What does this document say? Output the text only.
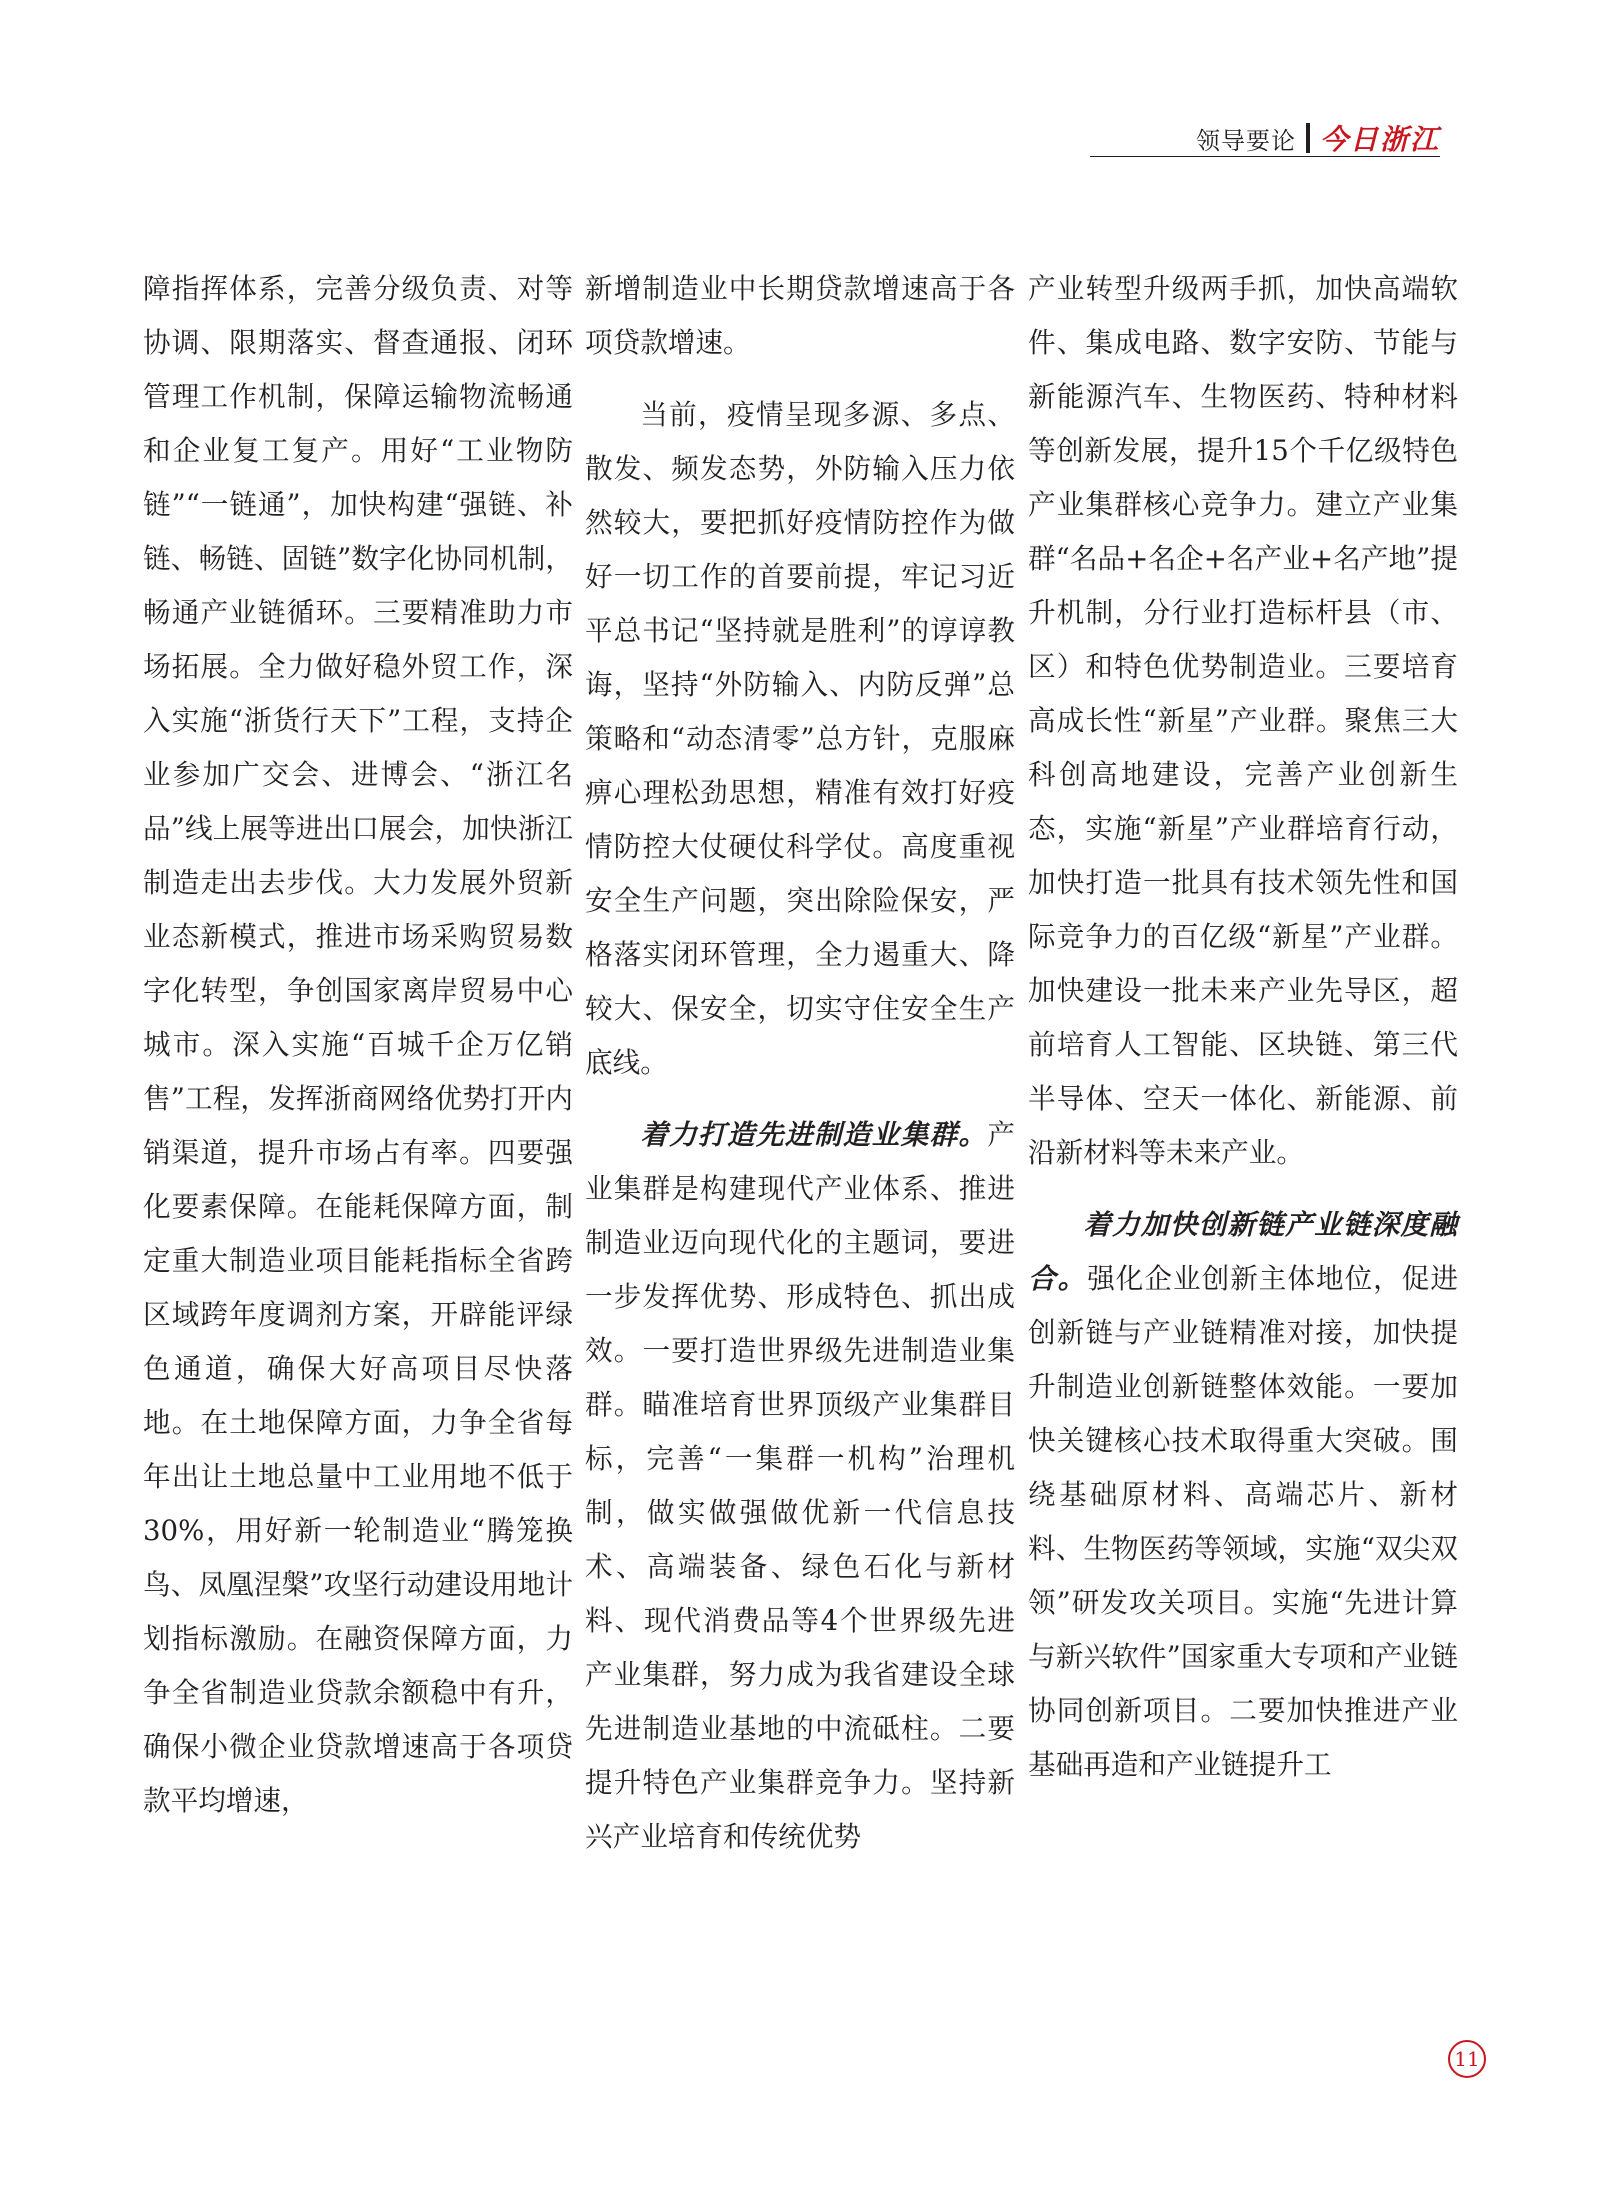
领导要论 今日浙江

障指挥体系，完善分级负责、对等协调、限期落实、督查通报、闭环管理工作机制，保障运输物流畅通和企业复工复产。用好“工业物防链”“一链通”，加快构建“强链、补链、畅链、固链”数字化协同机制，畅通产业链循环。三要精准助力市场拓展。全力做好稳外贸工作，深入实施“浙货行天下”工程，支持企业参加广交会、进博会、“浙江名品”线上展等进出口展会，加快浙江制造走出去步伐。大力发展外贸新业态新模式，推进市场采购贸易数字化转型，争创国家离岸贸易中心城市。深入实施“百城千企万亿销售”工程，发挥浙商网络优势打开内销渠道，提升市场占有率。四要强化要素保障。在能耗保障方面，制定重大制造业项目能耗指标全省跨区域跨年度调剂方案，开辟能评绿色通道，确保大好高项目尽快落地。在土地保障方面，力争全省每年出让土地总量中工业用地不低于30%，用好新一轮制造业“腾笼换鸟、凤凰涅槃”攻坚行动建设用地计划指标激励。在融资保障方面，力争全省制造业贷款余额稳中有升，确保小微企业贷款增速高于各项贷款平均增速，

新增制造业中长期贷款增速高于各项贷款增速。

当前，疫情呈现多源、多点、散发、频发态势，外防输入压力依然较大，要把抓好疫情防控作为做好一切工作的首要前提，牢记习近平总书记“坚持就是胜利”的谆谆教诲，坚持“外防输入、内防反弹”总策略和“动态清零”总方针，克服麻痹心理松劲思想，精准有效打好疫情防控大仗硬仗科学仗。高度重视安全生产问题，突出除险保安，严格落实闭环管理，全力遏重大、降较大、保安全，切实守住安全生产底线。

着力打造先进制造业集群。产业集群是构建现代产业体系、推进制造业迈向现代化的主题词，要进一步发挥优势、形成特色、抓出成效。一要打造世界级先进制造业集群。瞄准培育世界顶级产业集群目标，完善“一集群一机构”治理机制，做实做强做优新一代信息技术、高端装备、绿色石化与新材料、现代消费品等4个世界级先进产业集群，努力成为我省建设全球先进制造业基地的中流砥柱。二要提升特色产业集群竞争力。坚持新兴产业培育和传统优势

产业转型升级两手抓，加快高端软件、集成电路、数字安防、节能与新能源汽车、生物医药、特种材料等创新发展，提升15个千亿级特色产业集群核心竞争力。建立产业集群“名品+名企+名产业+名产地”提升机制，分行业打造标杆县（市、区）和特色优势制造业。三要培育高成长性“新星”产业群。聚焦三大科创高地建设，完善产业创新生态，实施“新星”产业群培育行动，加快打造一批具有技术领先性和国际竞争力的百亿级“新星”产业群。加快建设一批未来产业先导区，超前培育人工智能、区块链、第三代半导体、空天一体化、新能源、前沿新材料等未来产业。

着力加快创新链产业链深度融合。强化企业创新主体地位，促进创新链与产业链精准对接，加快提升制造业创新链整体效能。一要加快关键核心技术取得重大突破。围绕基础原材料、高端芯片、新材料、生物医药等领域，实施“双尖双领”研发攻关项目。实施“先进计算与新兴软件”国家重大专项和产业链协同创新项目。二要加快推进产业基础再造和产业链提升工

11
